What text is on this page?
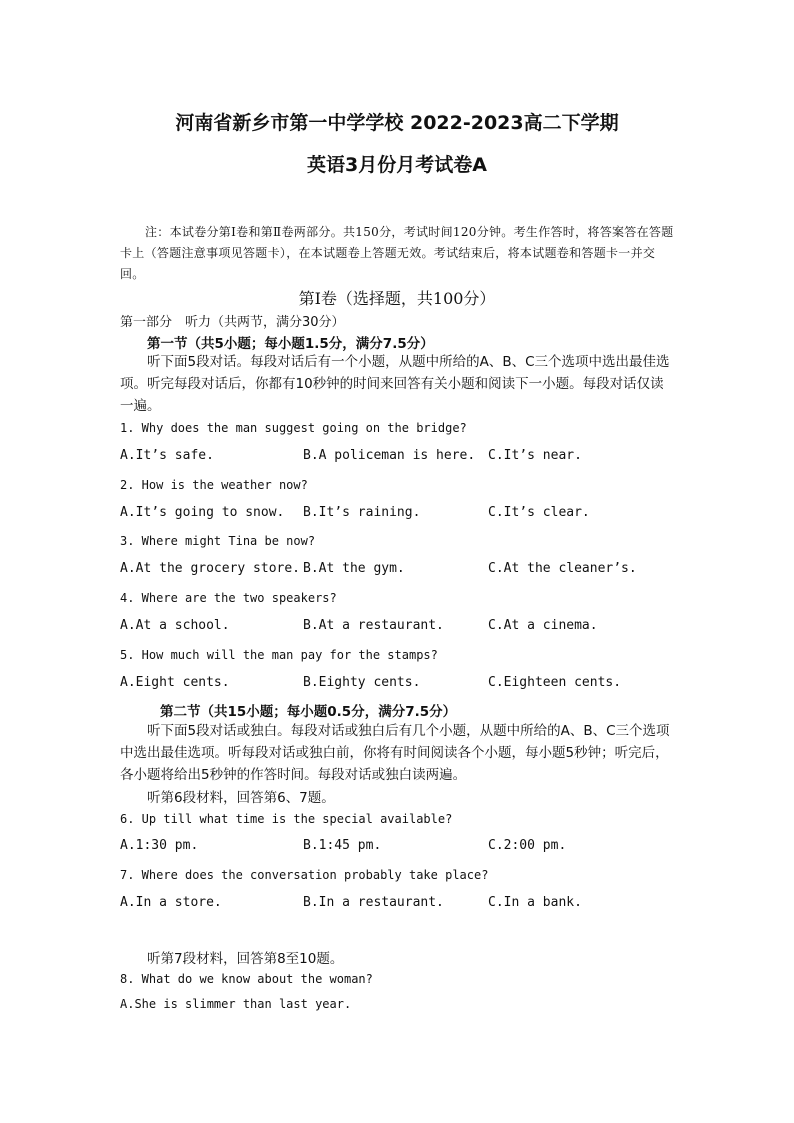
河南省新乡市第一中学学校 2022-2023高二下学期
英语3月份月考试卷A
注：本试卷分第Ⅰ卷和第Ⅱ卷两部分。共150分，考试时间120分钟。考生作答时，将答案答在答题卡上（答题注意事项见答题卡），在本试题卷上答题无效。考试结束后，将本试题卷和答题卡一并交回。
第Ⅰ卷（选择题，共100分）
第一部分　听力（共两节，满分30分）
第一节（共5小题；每小题1.5分，满分7.5分）
听下面5段对话。每段对话后有一个小题，从题中所给的A、B、C三个选项中选出最佳选项。听完每段对话后，你都有10秒钟的时间来回答有关小题和阅读下一小题。每段对话仅读一遍。
1. Why does the man suggest going on the bridge?
A.It’s safe.	B.A policeman is here. C.It’s near.
2. How is the weather now?
A.It’s going to snow. B.It’s raining.	C.It’s clear.
3. Where might Tina be now?
A.At the grocery store. B.At the gym.	C.At the cleaner’s.
4. Where are the two speakers?
A.At a school.	B.At a restaurant.	C.At a cinema.
5. How much will the man pay for the stamps?
A.Eight cents.	B.Eighty cents.	C.Eighteen cents.
第二节（共15小题；每小题0.5分，满分7.5分）
听下面5段对话或独白。每段对话或独白后有几个小题，从题中所给的A、B、C三个选项中选出最佳选项。听每段对话或独白前，你将有时间阅读各个小题，每小题5秒钟；听完后，各小题将给出5秒钟的作答时间。每段对话或独白读两遍。
听第6段材料，回答第6、7题。
6. Up till what time is the special available?
A.1:30 pm.	B.1:45 pm.	C.2:00 pm.
7. Where does the conversation probably take place?
A.In a store.	B.In a restaurant.	C.In a bank.
听第7段材料，回答第8至10题。
8. What do we know about the woman?
A.She is slimmer than last year.
